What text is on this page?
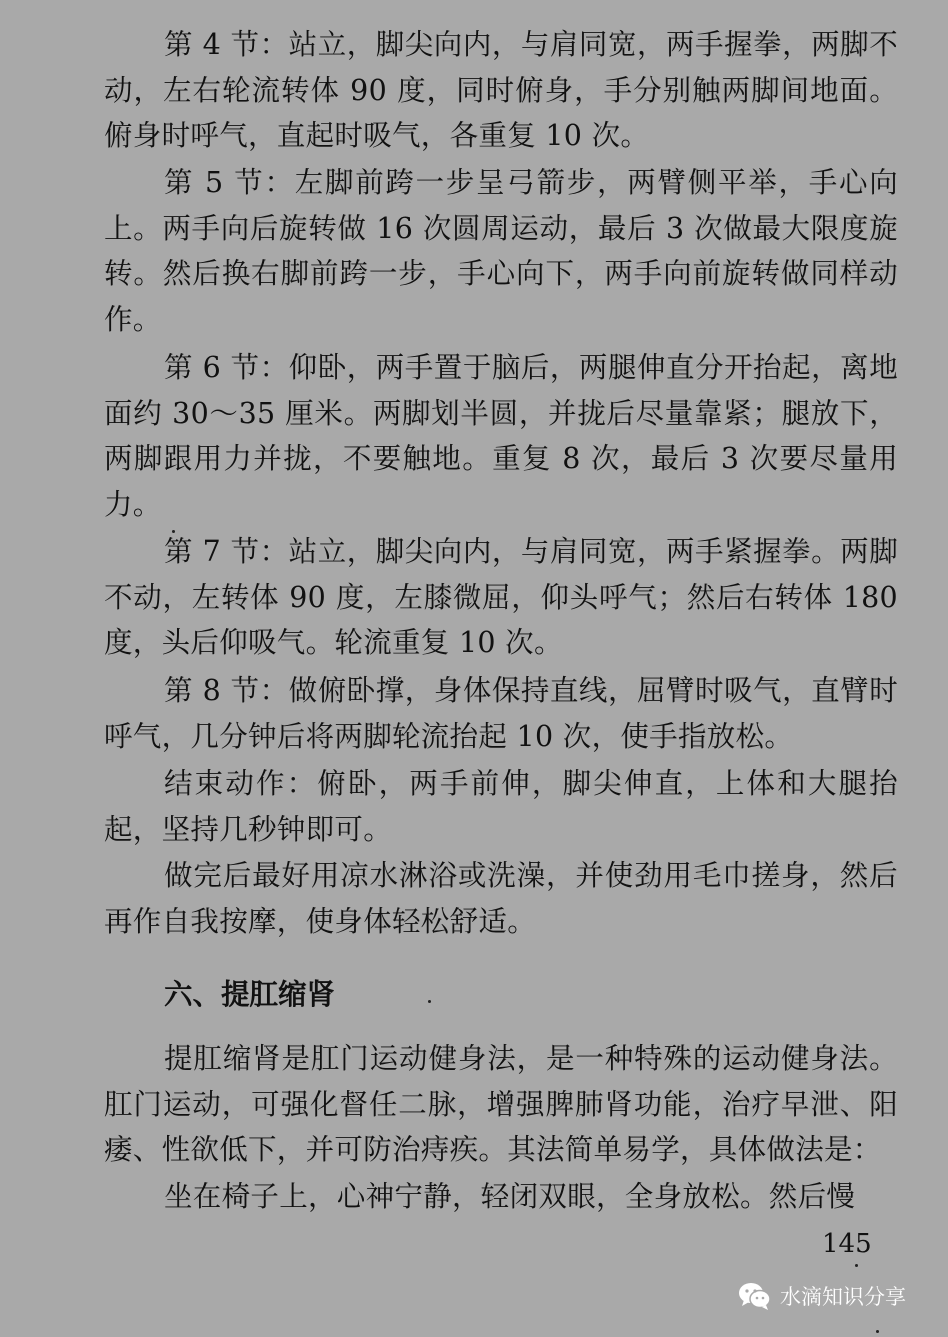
第 4 节：站立，脚尖向内，与肩同宽，两手握拳，两脚不动，左右轮流转体 90 度，同时俯身，手分别触两脚间地面。俯身时呼气，直起时吸气，各重复 10 次。

第 5 节：左脚前跨一步呈弓箭步，两臂侧平举，手心向上。两手向后旋转做 16 次圆周运动，最后 3 次做最大限度旋转。然后换右脚前跨一步，手心向下，两手向前旋转做同样动作。

第 6 节：仰卧，两手置于脑后，两腿伸直分开抬起，离地面约 30～35 厘米。两脚划半圆，并拢后尽量靠紧；腿放下，两脚跟用力并拢，不要触地。重复 8 次，最后 3 次要尽量用力。

第 7 节：站立，脚尖向内，与肩同宽，两手紧握拳。两脚不动，左转体 90 度，左膝微屈，仰头呼气；然后右转体 180 度，头后仰吸气。轮流重复 10 次。

第 8 节：做俯卧撑，身体保持直线，屈臂时吸气，直臂时呼气，几分钟后将两脚轮流抬起 10 次，使手指放松。

结束动作：俯卧，两手前伸，脚尖伸直，上体和大腿抬起，坚持几秒钟即可。

做完后最好用凉水淋浴或洗澡，并使劲用毛巾搓身，然后再作自我按摩，使身体轻松舒适。

六、提肛缩肾

提肛缩肾是肛门运动健身法，是一种特殊的运动健身法。肛门运动，可强化督任二脉，增强脾肺肾功能，治疗早泄、阳痿、性欲低下，并可防治痔疾。其法简单易学，具体做法是：

坐在椅子上，心神宁静，轻闭双眼，全身放松。然后慢

145
水滴知识分享
